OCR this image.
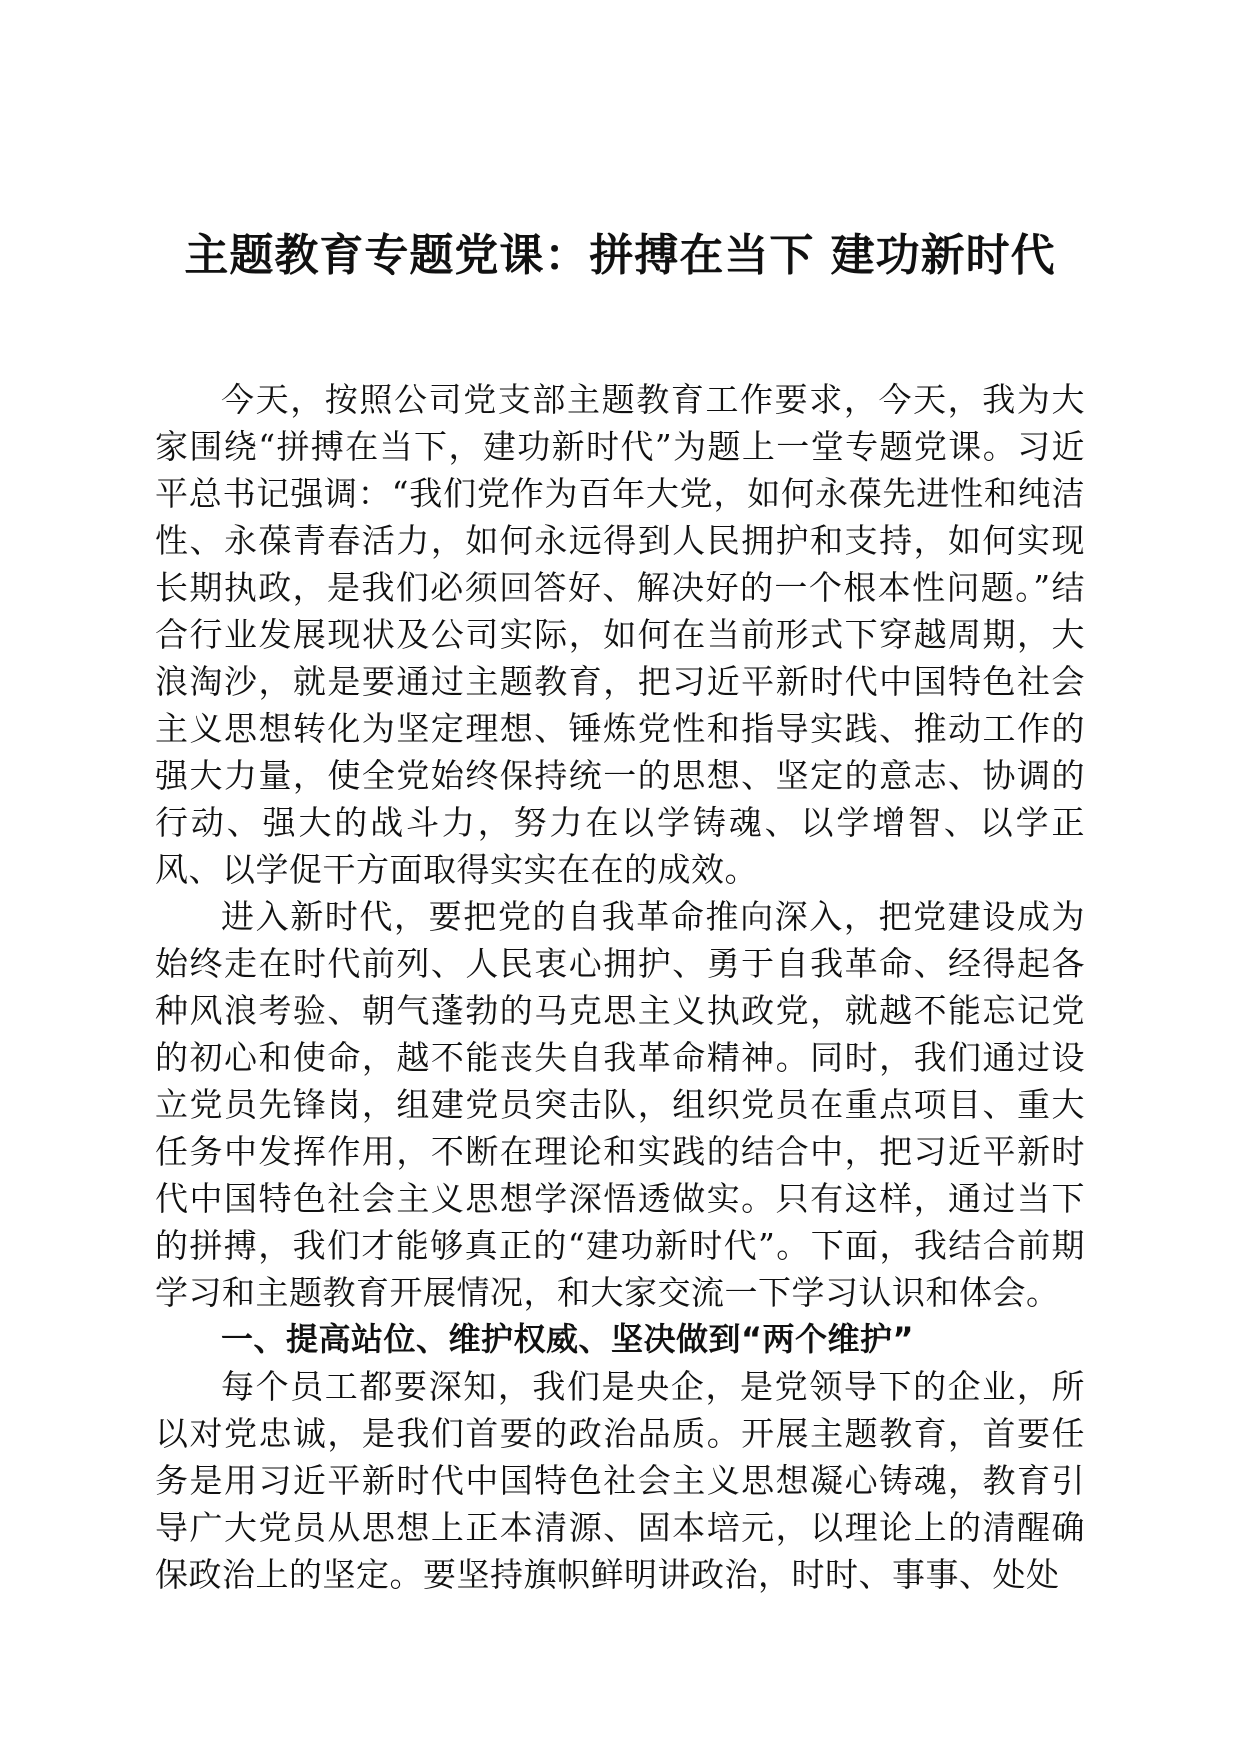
主题教育专题党课：拼搏在当下 建功新时代

今天，按照公司党支部主题教育工作要求，今天，我为大家围绕“拼搏在当下，建功新时代”为题上一堂专题党课。习近平总书记强调：“我们党作为百年大党，如何永葆先进性和纯洁性、永葆青春活力，如何永远得到人民拥护和支持，如何实现长期执政，是我们必须回答好、解决好的一个根本性问题。”结合行业发展现状及公司实际，如何在当前形式下穿越周期，大浪淘沙，就是要通过主题教育，把习近平新时代中国特色社会主义思想转化为坚定理想、锤炼党性和指导实践、推动工作的强大力量，使全党始终保持统一的思想、坚定的意志、协调的行动、强大的战斗力，努力在以学铸魂、以学增智、以学正风、以学促干方面取得实实在在的成效。

进入新时代，要把党的自我革命推向深入，把党建设成为始终走在时代前列、人民衷心拥护、勇于自我革命、经得起各种风浪考验、朝气蓬勃的马克思主义执政党，就越不能忘记党的初心和使命，越不能丧失自我革命精神。同时，我们通过设立党员先锋岗，组建党员突击队，组织党员在重点项目、重大任务中发挥作用，不断在理论和实践的结合中，把习近平新时代中国特色社会主义思想学深悟透做实。只有这样，通过当下的拼搏，我们才能够真正的“建功新时代”。下面，我结合前期学习和主题教育开展情况，和大家交流一下学习认识和体会。

一、提高站位、维护权威、坚决做到“两个维护”

每个员工都要深知，我们是央企，是党领导下的企业，所以对党忠诚，是我们首要的政治品质。开展主题教育，首要任务是用习近平新时代中国特色社会主义思想凝心铸魂，教育引导广大党员从思想上正本清源、固本培元，以理论上的清醒确保政治上的坚定。要坚持旗帜鲜明讲政治，时时、事事、处处
